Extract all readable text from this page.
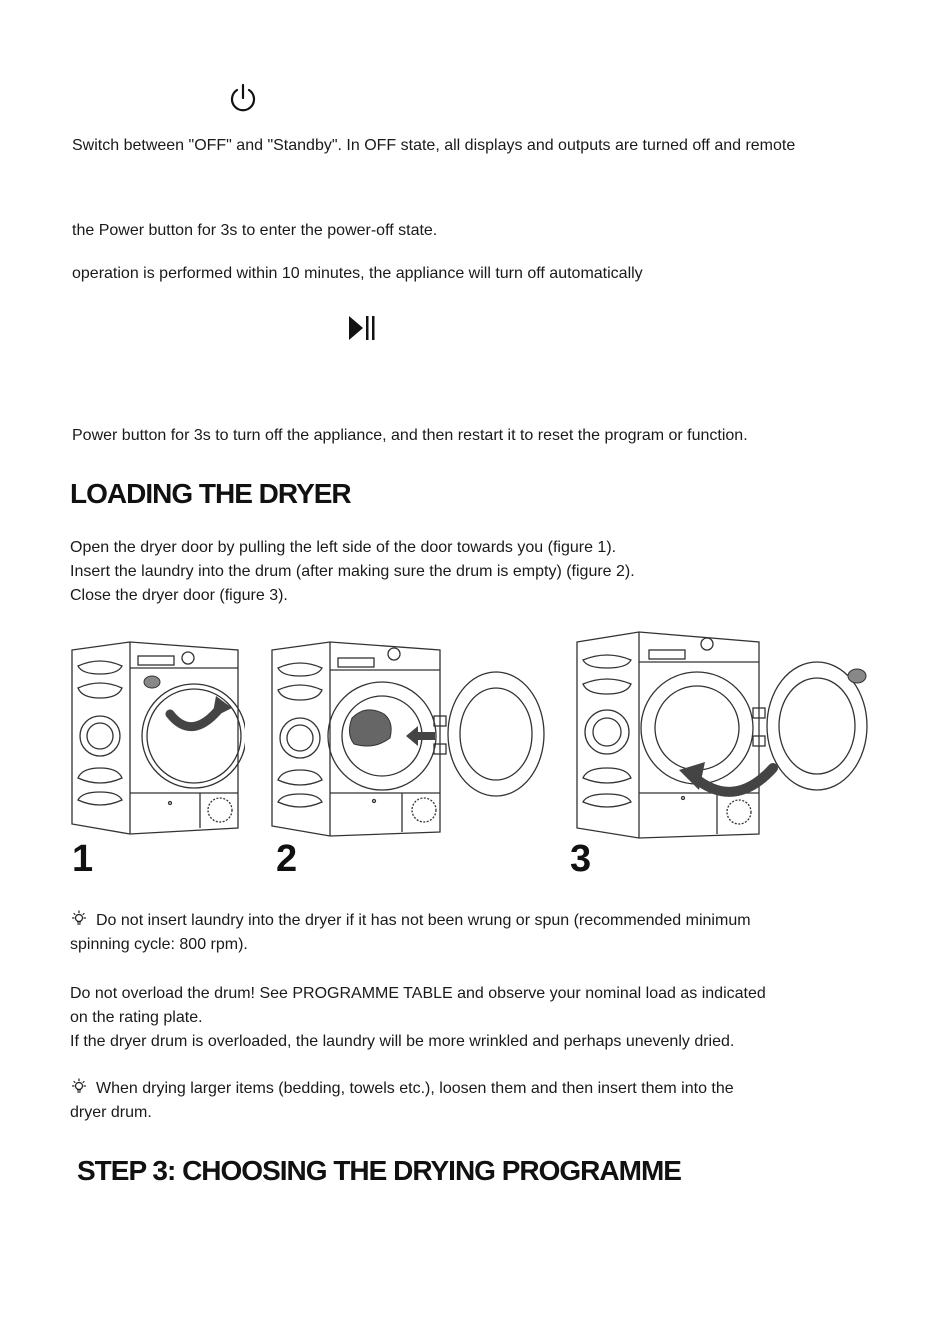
Switch between "OFF" and "Standby". In OFF state, all displays and outputs are turned off and remote
the Power button for 3s to enter the power-off state.
operation is performed within 10 minutes, the appliance will turn off automatically
Power button for 3s to turn off the appliance, and then restart it to reset the program or function.
LOADING THE DRYER
Open the dryer door by pulling the left side of the door towards you (figure 1).
Insert the laundry into the drum (after making sure the drum is empty) (figure 2).
Close the dryer door (figure 3).
1	2	3
Do not insert laundry into the dryer if it has not been wrung or spun (recommended minimum
spinning cycle: 800 rpm).
Do not overload the drum! See PROGRAMME TABLE and observe your nominal load as indicated
on the rating plate.
If the dryer drum is overloaded, the laundry will be more wrinkled and perhaps unevenly dried.
When drying larger items (bedding, towels etc.), loosen them and then insert them into the
dryer drum.
STEP 3: CHOOSING THE DRYING PROGRAMME
